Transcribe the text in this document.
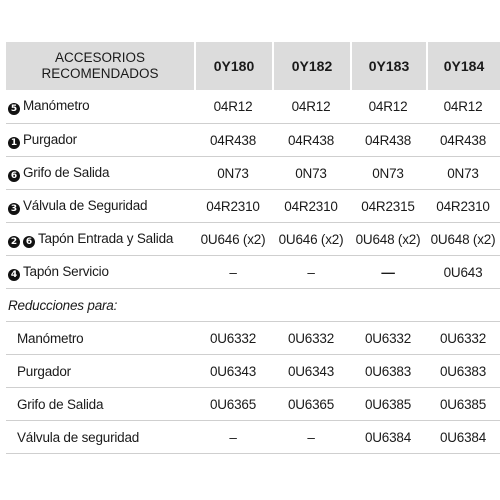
ACCESORIOS
RECOMENDADOS	0Y180	0Y182	0Y183	0Y184
5 Manómetro	04R12	04R12	04R12	04R12
1 Purgador	04R438	04R438	04R438	04R438
6 Grifo de Salida	0N73	0N73	0N73	0N73
3 Válvula de Seguridad	04R2310	04R2310	04R2315	04R2310
2 6 Tapón Entrada y Salida	0U646 (x2)	0U646 (x2)	0U648 (x2)	0U648 (x2)
4 Tapón Servicio	–	–	—	0U643
Reducciones para:				
Manómetro	0U6332	0U6332	0U6332	0U6332
Purgador	0U6343	0U6343	0U6383	0U6383
Grifo de Salida	0U6365	0U6365	0U6385	0U6385
Válvula de seguridad	–	–	0U6384	0U6384
